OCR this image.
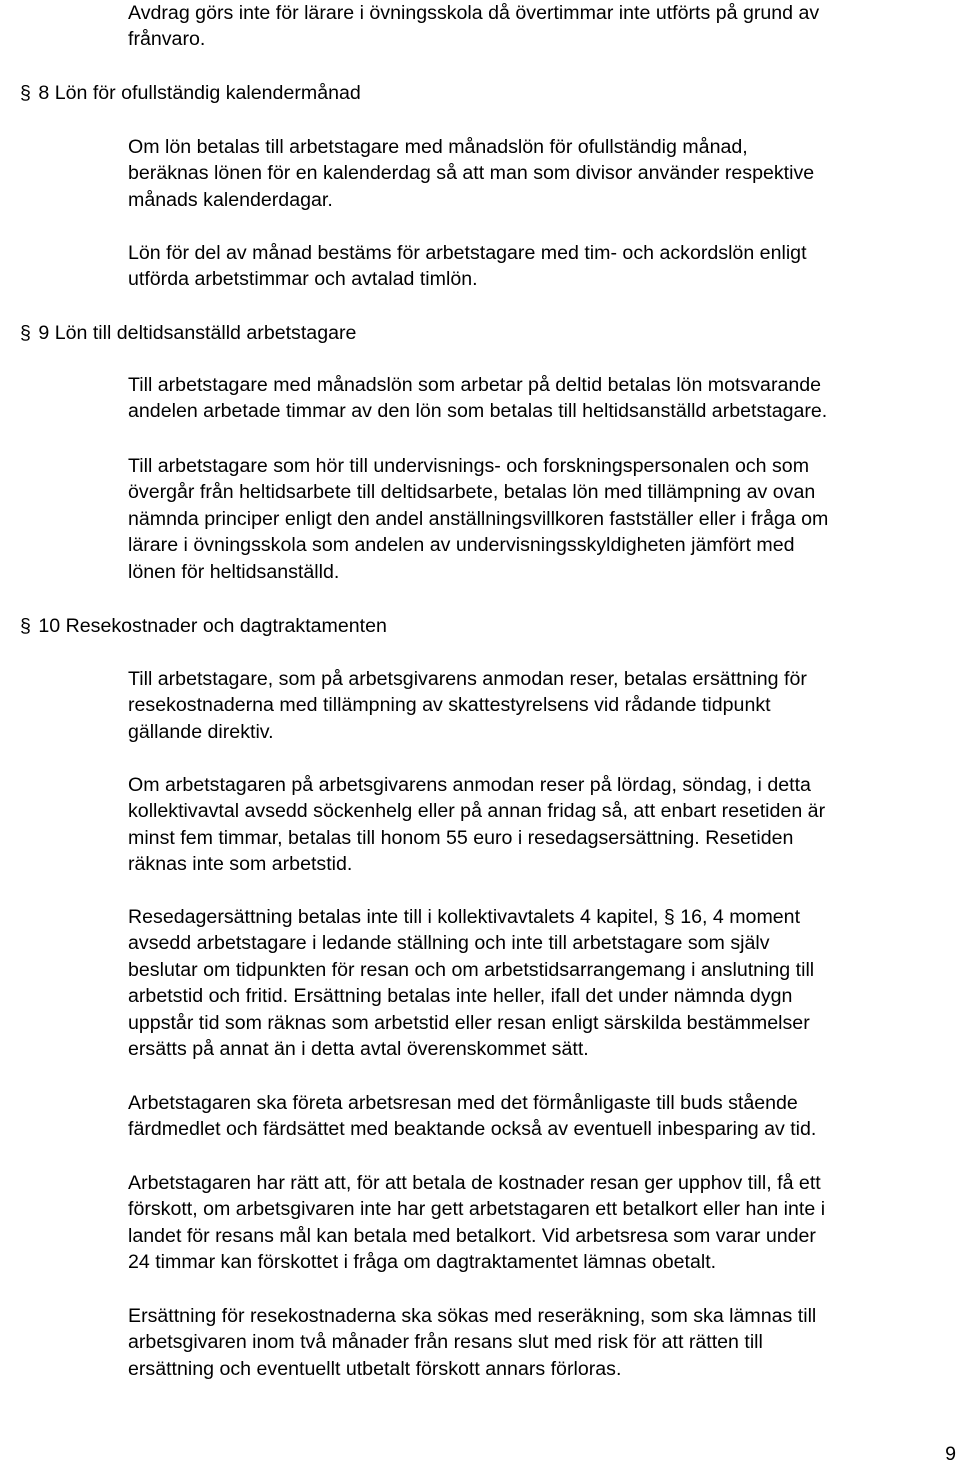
Avdrag görs inte för lärare i övningsskola då övertimmar inte utförts på grund av
frånvaro.

§ 8 Lön för ofullständig kalendermånad

Om lön betalas till arbetstagare med månadslön för ofullständig månad,
beräknas lönen för en kalenderdag så att man som divisor använder respektive
månads kalenderdagar.

Lön för del av månad bestäms för arbetstagare med tim- och ackordslön enligt
utförda arbetstimmar och avtalad timlön.

§ 9 Lön till deltidsanställd arbetstagare

Till arbetstagare med månadslön som arbetar på deltid betalas lön motsvarande
andelen arbetade timmar av den lön som betalas till heltidsanställd arbetstagare.

Till arbetstagare som hör till undervisnings- och forskningspersonalen och som
övergår från heltidsarbete till deltidsarbete, betalas lön med tillämpning av ovan
nämnda principer enligt den andel anställningsvillkoren fastställer eller i fråga om
lärare i övningsskola som andelen av undervisningsskyldigheten jämfört med
lönen för heltidsanställd.

§ 10 Resekostnader och dagtraktamenten

Till arbetstagare, som på arbetsgivarens anmodan reser, betalas ersättning för
resekostnaderna med tillämpning av skattestyrelsens vid rådande tidpunkt
gällande direktiv.

Om arbetstagaren på arbetsgivarens anmodan reser på lördag, söndag, i detta
kollektivavtal avsedd söckenhelg eller på annan fridag så, att enbart resetiden är
minst fem timmar, betalas till honom 55 euro i resedagsersättning. Resetiden
räknas inte som arbetstid.

Resedagersättning betalas inte till i kollektivavtalets 4 kapitel, § 16, 4 moment
avsedd arbetstagare i ledande ställning och inte till arbetstagare som själv
beslutar om tidpunkten för resan och om arbetstidsarrangemang i anslutning till
arbetstid och fritid. Ersättning betalas inte heller, ifall det under nämnda dygn
uppstår tid som räknas som arbetstid eller resan enligt särskilda bestämmelser
ersätts på annat än i detta avtal överenskommet sätt.

Arbetstagaren ska företa arbetsresan med det förmånligaste till buds stående
färdmedlet och färdsättet med beaktande också av eventuell inbesparing av tid.

Arbetstagaren har rätt att, för att betala de kostnader resan ger upphov till, få ett
förskott, om arbetsgivaren inte har gett arbetstagaren ett betalkort eller han inte i
landet för resans mål kan betala med betalkort. Vid arbetsresa som varar under
24 timmar kan förskottet i fråga om dagtraktamentet lämnas obetalt.

Ersättning för resekostnaderna ska sökas med reseräkning, som ska lämnas till
arbetsgivaren inom två månader från resans slut med risk för att rätten till
ersättning och eventuellt utbetalt förskott annars förloras.

9
